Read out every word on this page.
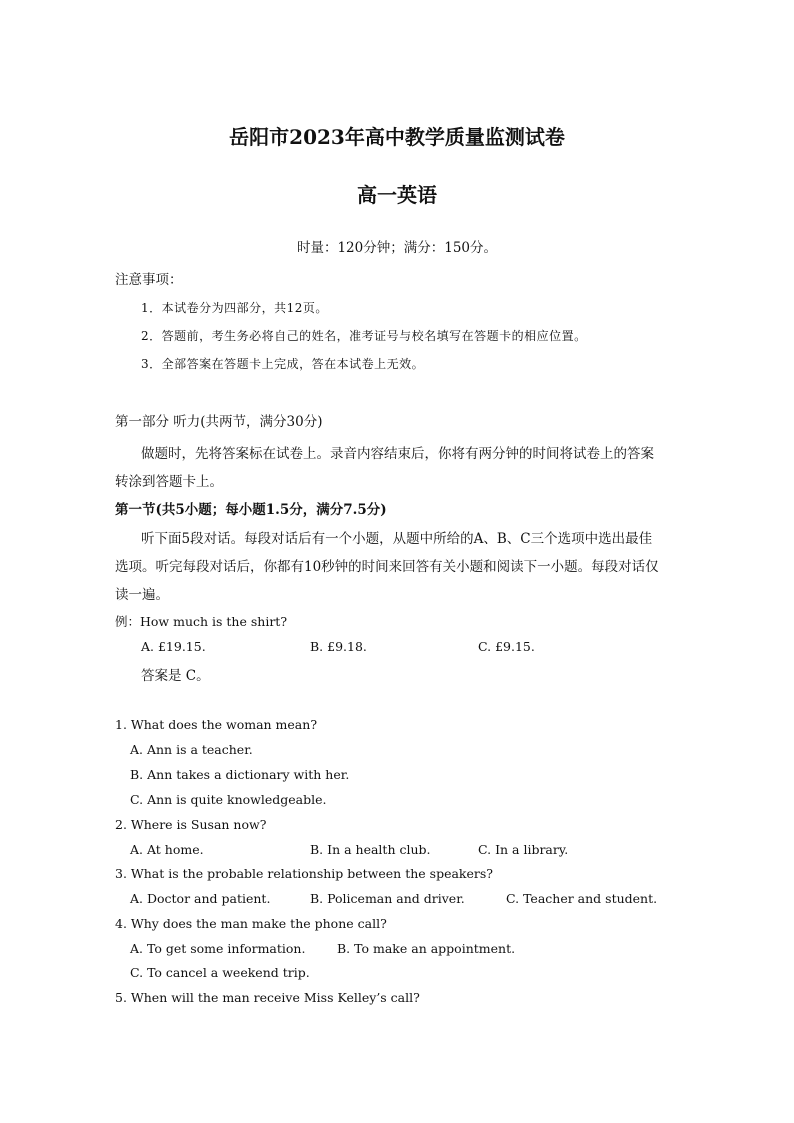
岳阳市2023年高中教学质量监测试卷
高一英语
时量：120分钟；满分：150分。
注意事项：
1．本试卷分为四部分，共12页。
2．答题前，考生务必将自己的姓名，准考证号与校名填写在答题卡的相应位置。
3．全部答案在答题卡上完成，答在本试卷上无效。
第一部分 听力(共两节，满分30分)
做题时，先将答案标在试卷上。录音内容结束后，你将有两分钟的时间将试卷上的答案
转涂到答题卡上。
第一节(共5小题；每小题1.5分，满分7.5分)
听下面5段对话。每段对话后有一个小题，从题中所给的A、B、C三个选项中选出最佳
选项。听完每段对话后，你都有10秒钟的时间来回答有关小题和阅读下一小题。每段对话仅
读一遍。
例：How much is the shirt?
A. £19.15.	B. £9.18.	C. £9.15.
答案是 C。
1. What does the woman mean?
A. Ann is a teacher.
B. Ann takes a dictionary with her.
C. Ann is quite knowledgeable.
2. Where is Susan now?
A. At home.	B. In a health club.	C. In a library.
3. What is the probable relationship between the speakers?
A. Doctor and patient.	B. Policeman and driver.	C. Teacher and student.
4. Why does the man make the phone call?
A. To get some information.	B. To make an appointment.
C. To cancel a weekend trip.
5. When will the man receive Miss Kelley’s call?
